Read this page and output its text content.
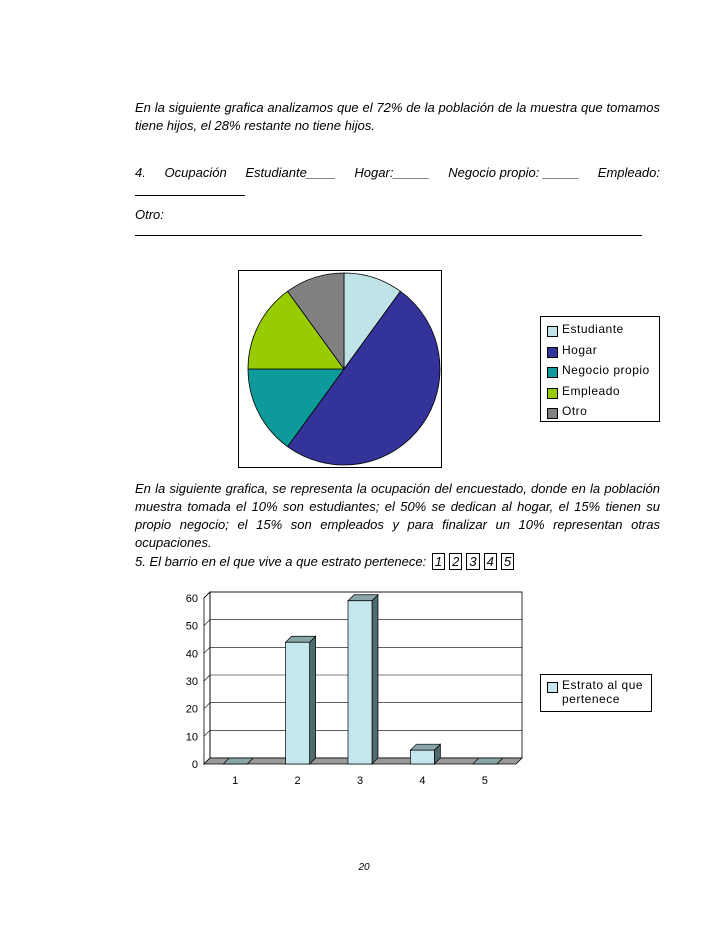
En la siguiente grafica analizamos que el 72% de la población de la muestra que tomamos tiene hijos, el 28% restante no tiene hijos.
4. Ocupación Estudiante____ Hogar:_____ Negocio propio: _____ Empleado:
Otro:
Estudiante
Hogar
Negocio propio
Empleado
Otro
En la siguiente grafica, se representa la ocupación del encuestado, donde en la población muestra tomada el 10% son estudiantes; el 50% se dedican al hogar, el 15% tienen su propio negocio; el 15% son empleados y para finalizar un 10% representan otras ocupaciones.
5. El barrio en el que vive a que estrato pertenece: 1 2 3 4 5
0
10
20
30
40
50
60
1	2	3	4	5
Estrato al que pertenece
20
